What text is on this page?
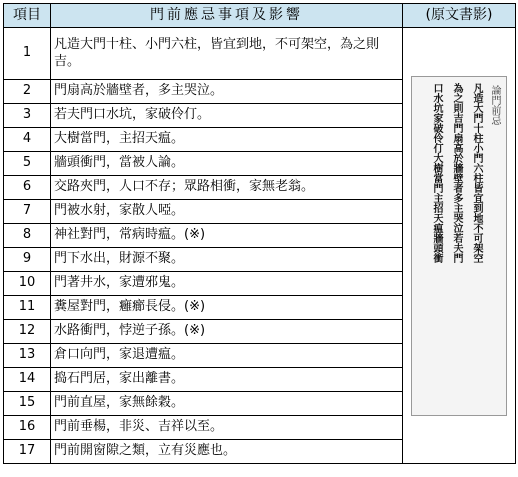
項目	門前應忌事項及影響	(原文書影)
1	凡造大門十柱、小門六柱，皆宜到地，不可架空，為之則吉。	論門前忌
凡造大門十柱小門六柱皆宜到地不可架空
為之則吉門扇高於牆壁者多主哭泣若夫門
口水坑家破伶仃大樹當門主招天瘟牆頭衝

2	門扇高於牆壁者，多主哭泣。	
3	若夫門口水坑，家破伶仃。	
4	大樹當門，主招天瘟。	
5	牆頭衝門，當被人論。	
6	交路夾門，人口不存；眾路相衝，家無老翁。	
7	門被水射，家散人啞。	
8	神社對門，常病時瘟。(※)	
9	門下水出，財源不聚。	
10	門著井水，家遭邪鬼。	
11	糞屋對門，癰癤長侵。(※)	
12	水路衝門，悖逆子孫。(※)	
13	倉口向門，家退遭瘟。	
14	捣石門居，家出離書。	
15	門前直屋，家無餘穀。	
16	門前垂楊，非災、吉祥以至。	
17	門前開窗隙之類，立有災應也。	
